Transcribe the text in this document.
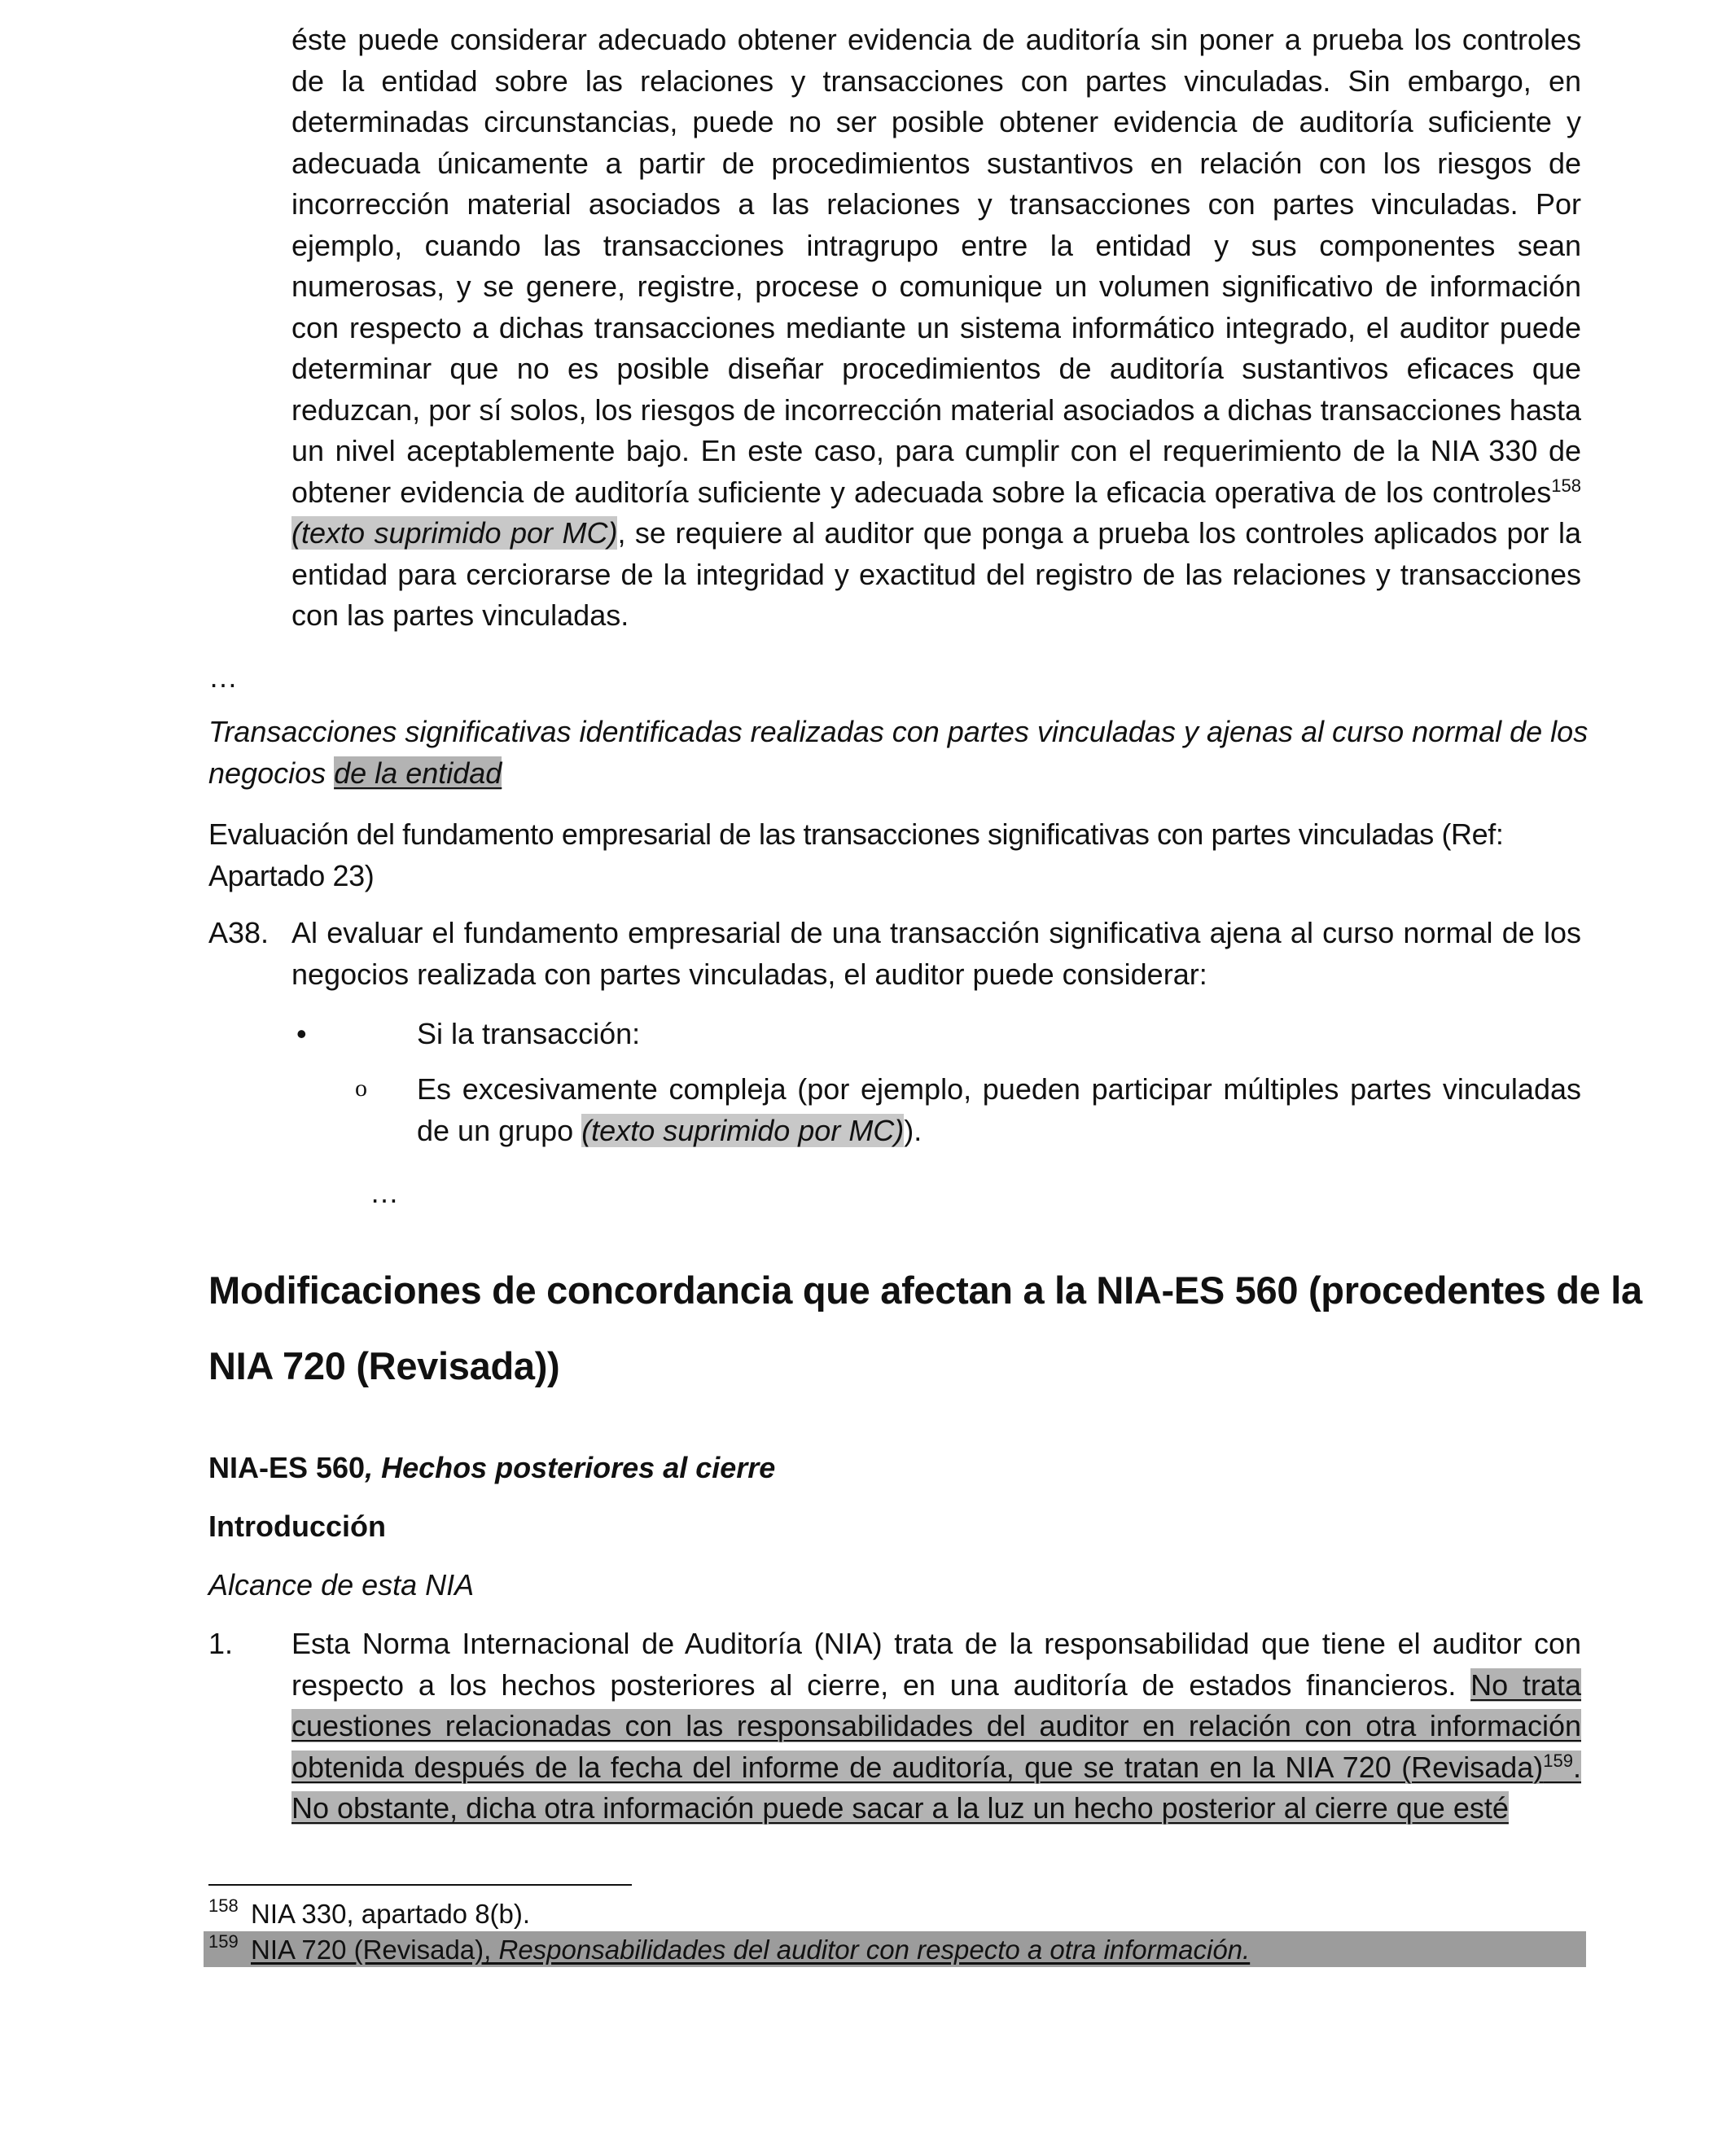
éste puede considerar adecuado obtener evidencia de auditoría sin poner a prueba los controles de la entidad sobre las relaciones y transacciones con partes vinculadas. Sin embargo, en determinadas circunstancias, puede no ser posible obtener evidencia de auditoría suficiente y adecuada únicamente a partir de procedimientos sustantivos en relación con los riesgos de incorrección material asociados a las relaciones y transacciones con partes vinculadas. Por ejemplo, cuando las transacciones intragrupo entre la entidad y sus componentes sean numerosas, y se genere, registre, procese o comunique un volumen significativo de información con respecto a dichas transacciones mediante un sistema informático integrado, el auditor puede determinar que no es posible diseñar procedimientos de auditoría sustantivos eficaces que reduzcan, por sí solos, los riesgos de incorrección material asociados a dichas transacciones hasta un nivel aceptablemente bajo. En este caso, para cumplir con el requerimiento de la NIA 330 de obtener evidencia de auditoría suficiente y adecuada sobre la eficacia operativa de los controles$^{158}$ (texto suprimido por MC), se requiere al auditor que ponga a prueba los controles aplicados por la entidad para cerciorarse de la integridad y exactitud del registro de las relaciones y transacciones con las partes vinculadas.
…
Transacciones significativas identificadas realizadas con partes vinculadas y ajenas al curso normal de los negocios de la entidad
Evaluación del fundamento empresarial de las transacciones significativas con partes vinculadas (Ref: Apartado 23)
A38. Al evaluar el fundamento empresarial de una transacción significativa ajena al curso normal de los negocios realizada con partes vinculadas, el auditor puede considerar:
•	Si la transacción:
o Es excesivamente compleja (por ejemplo, pueden participar múltiples partes vinculadas de un grupo (texto suprimido por MC)).
…
Modificaciones de concordancia que afectan a la NIA-ES 560 (procedentes de la
NIA 720 (Revisada))
NIA-ES 560, Hechos posteriores al cierre
Introducción
Alcance de esta NIA
1. Esta Norma Internacional de Auditoría (NIA) trata de la responsabilidad que tiene el auditor con respecto a los hechos posteriores al cierre, en una auditoría de estados financieros. No trata cuestiones relacionadas con las responsabilidades del auditor en relación con otra información obtenida después de la fecha del informe de auditoría, que se tratan en la NIA 720 (Revisada)$^{159}$. No obstante, dicha otra información puede sacar a la luz un hecho posterior al cierre que esté
158 NIA 330, apartado 8(b).
159 NIA 720 (Revisada), Responsabilidades del auditor con respecto a otra información.
